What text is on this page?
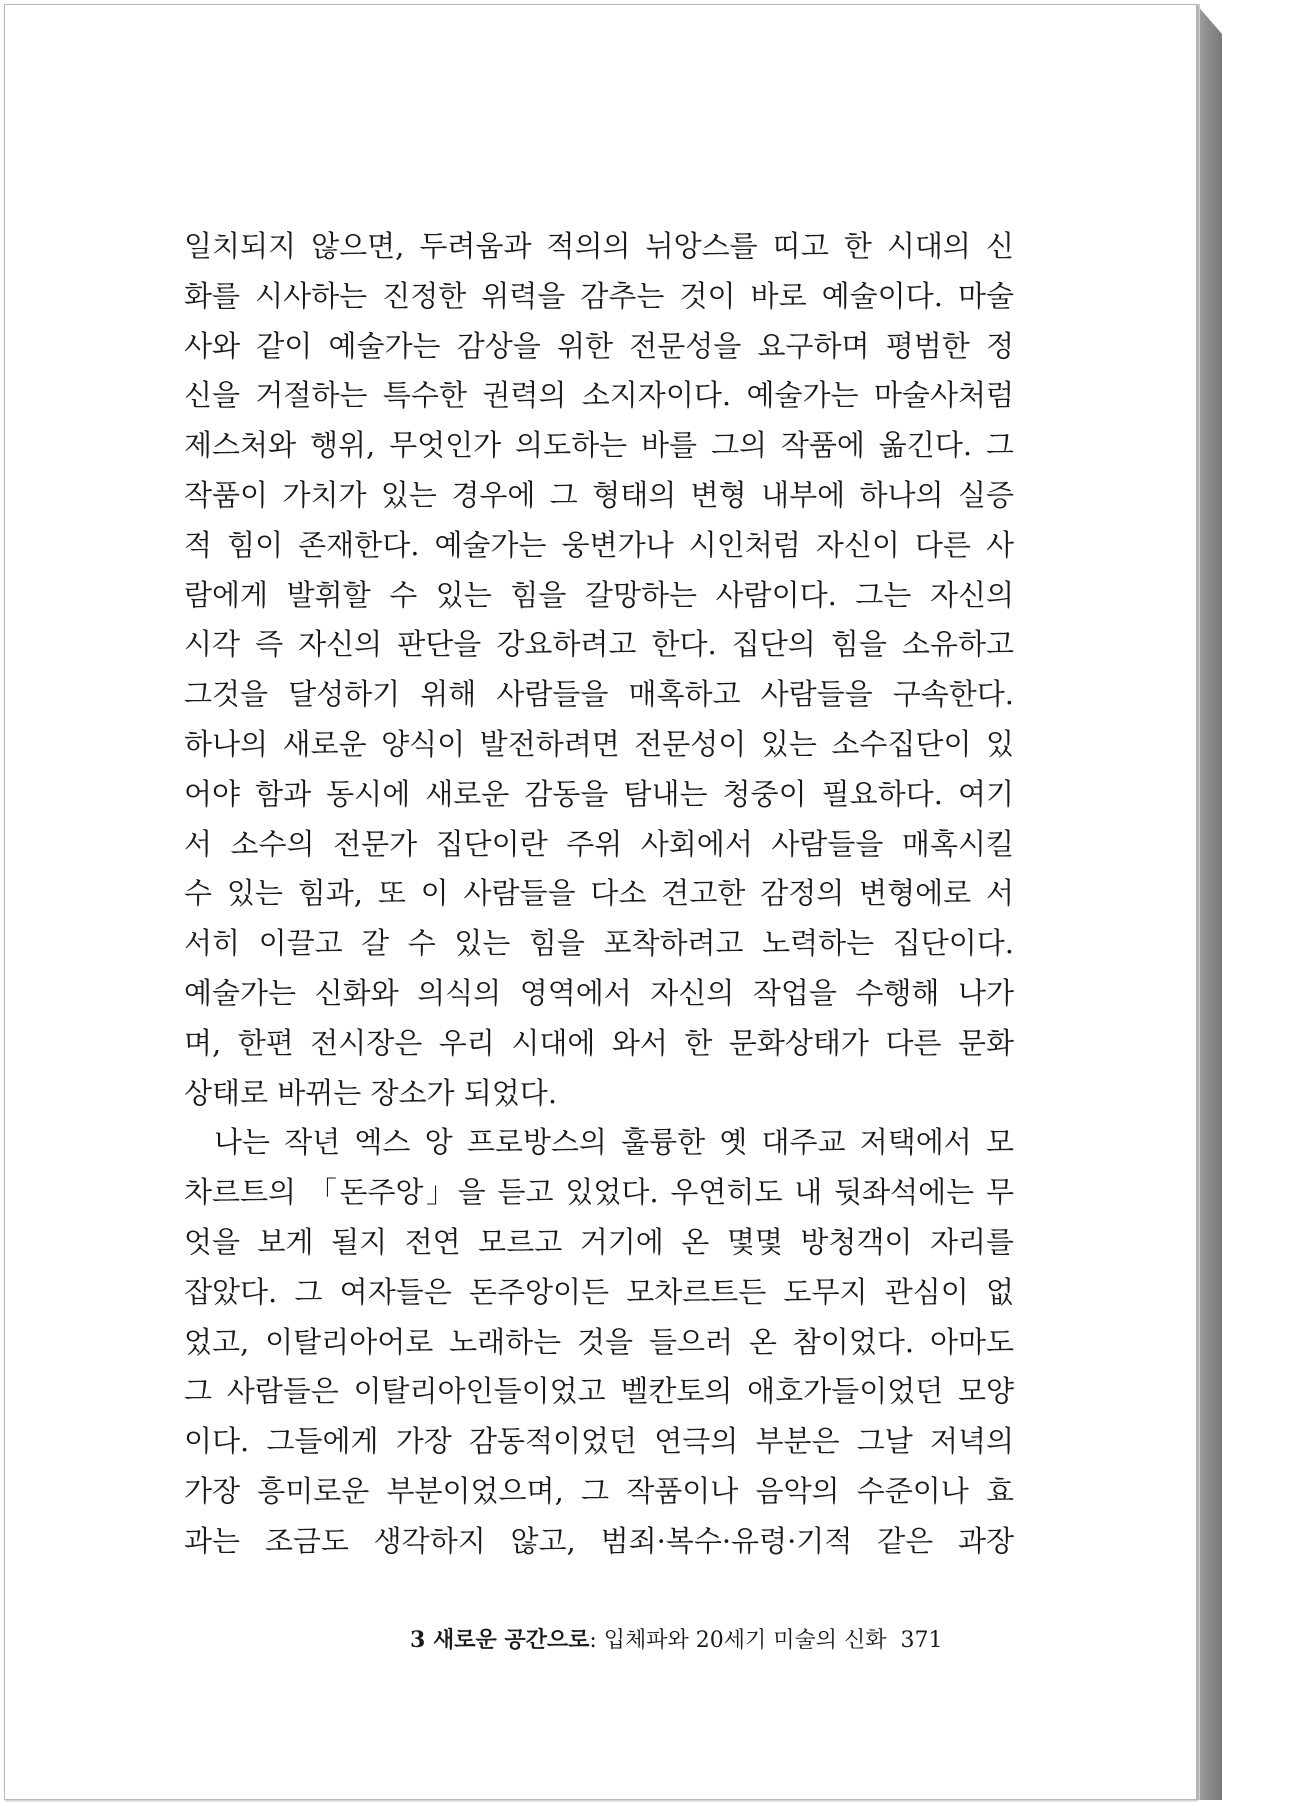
일치되지 않으면, 두려움과 적의의 뉘앙스를 띠고 한 시대의 신
화를 시사하는 진정한 위력을 감추는 것이 바로 예술이다. 마술
사와 같이 예술가는 감상을 위한 전문성을 요구하며 평범한 정
신을 거절하는 특수한 권력의 소지자이다. 예술가는 마술사처럼
제스처와 행위, 무엇인가 의도하는 바를 그의 작품에 옮긴다. 그
작품이 가치가 있는 경우에 그 형태의 변형 내부에 하나의 실증
적 힘이 존재한다. 예술가는 웅변가나 시인처럼 자신이 다른 사
람에게 발휘할 수 있는 힘을 갈망하는 사람이다. 그는 자신의
시각 즉 자신의 판단을 강요하려고 한다. 집단의 힘을 소유하고
그것을 달성하기 위해 사람들을 매혹하고 사람들을 구속한다.
하나의 새로운 양식이 발전하려면 전문성이 있는 소수집단이 있
어야 함과 동시에 새로운 감동을 탐내는 청중이 필요하다. 여기
서 소수의 전문가 집단이란 주위 사회에서 사람들을 매혹시킬
수 있는 힘과, 또 이 사람들을 다소 견고한 감정의 변형에로 서
서히 이끌고 갈 수 있는 힘을 포착하려고 노력하는 집단이다.
예술가는 신화와 의식의 영역에서 자신의 작업을 수행해 나가
며, 한편 전시장은 우리 시대에 와서 한 문화상태가 다른 문화
상태로 바뀌는 장소가 되었다.
나는 작년 엑스 앙 프로방스의 훌륭한 옛 대주교 저택에서 모
차르트의 「돈주앙」을 듣고 있었다. 우연히도 내 뒷좌석에는 무
엇을 보게 될지 전연 모르고 거기에 온 몇몇 방청객이 자리를
잡았다. 그 여자들은 돈주앙이든 모차르트든 도무지 관심이 없
었고, 이탈리아어로 노래하는 것을 들으러 온 참이었다. 아마도
그 사람들은 이탈리아인들이었고 벨칸토의 애호가들이었던 모양
이다. 그들에게 가장 감동적이었던 연극의 부분은 그날 저녁의
가장 흥미로운 부분이었으며, 그 작품이나 음악의 수준이나 효
과는 조금도 생각하지 않고, 범죄·복수·유령·기적 같은 과장
3 새로운 공간으로: 입체파와 20세기 미술의 신화 371
